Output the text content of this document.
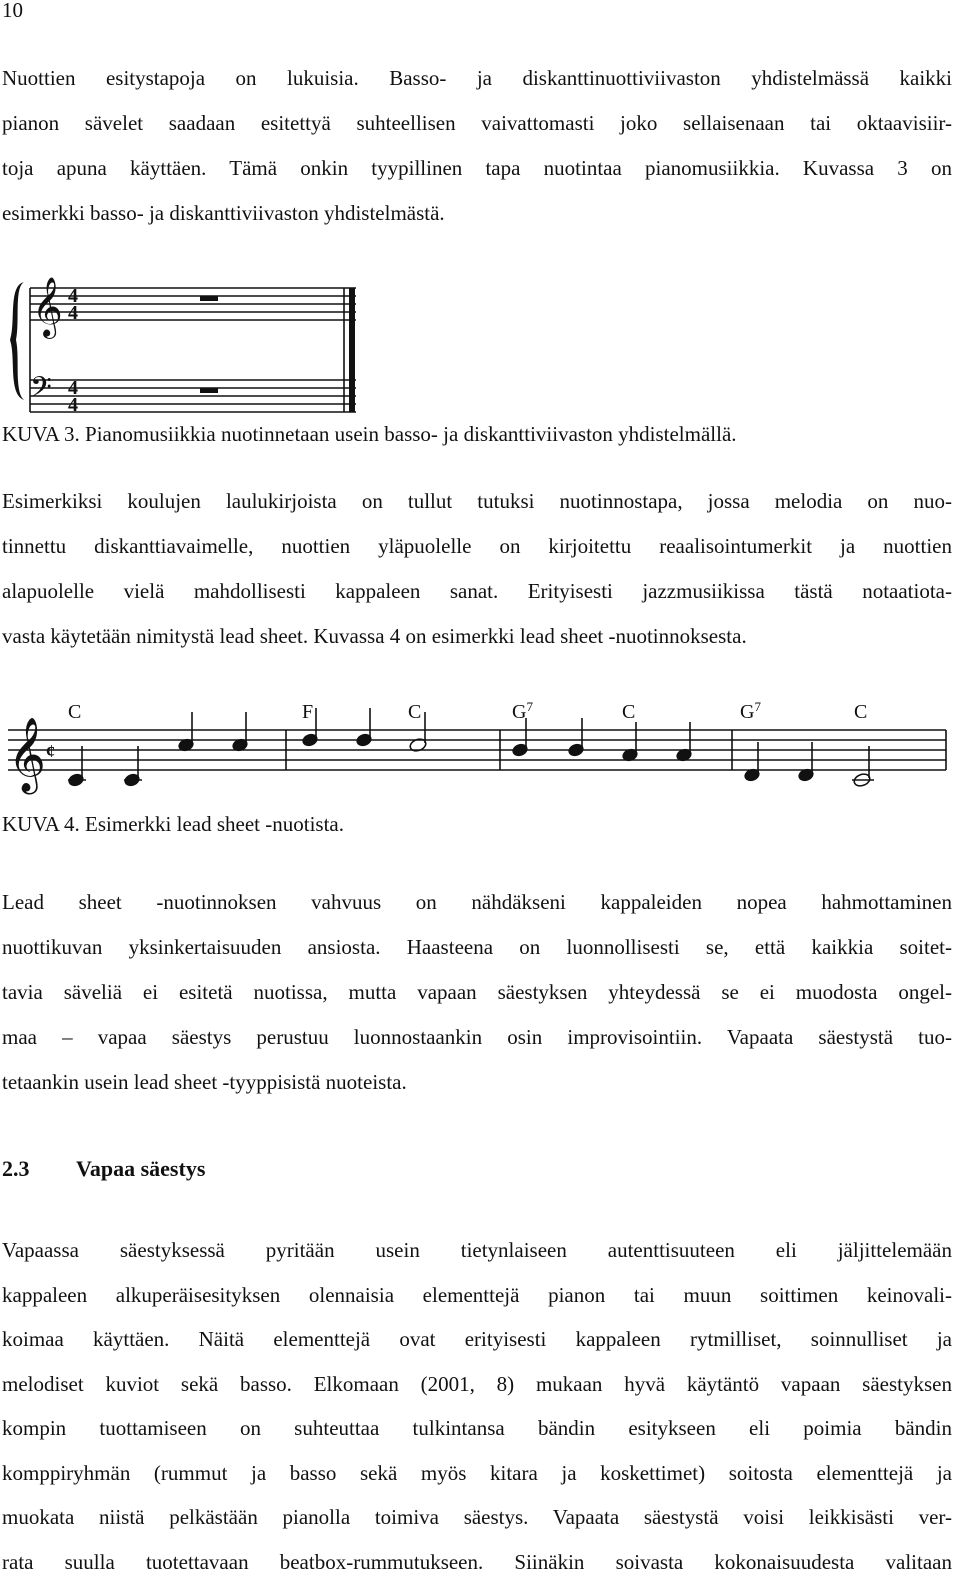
10
Nuottien esitystapoja on lukuisia. Basso- ja diskanttinuottiviivaston yhdistelmässä kaikki
pianon sävelet saadaan esitettyä suhteellisen vaivattomasti joko sellaisenaan tai oktaavisiir-
toja apuna käyttäen. Tämä onkin tyypillinen tapa nuotintaa pianomusiikkia. Kuvassa 3 on
esimerkki basso- ja diskanttiviivaston yhdistelmästä.
𝄞
𝄢
4
4
4
4

KUVA 3. Pianomusiikkia nuotinnetaan usein basso- ja diskanttiviivaston yhdistelmällä.

Esimerkiksi koulujen laulukirjoista on tullut tutuksi nuotinnostapa, jossa melodia on nuo-
tinnettu diskanttiavaimelle, nuottien yläpuolelle on kirjoitettu reaalisointumerkit ja nuottien
alapuolelle vielä mahdollisesti kappaleen sanat. Erityisesti jazzmusiikissa tästä notaatiota-
vasta käytetään nimitystä lead sheet. Kuvassa 4 on esimerkki lead sheet -nuotinnoksesta.
C	F	C	$G^7$	C	$G^7$	C
𝄞 ¢

KUVA 4. Esimerkki lead sheet -nuotista.

Lead sheet -nuotinnoksen vahvuus on nähdäkseni kappaleiden nopea hahmottaminen
nuottikuvan yksinkertaisuuden ansiosta. Haasteena on luonnollisesti se, että kaikkia soitet-
tavia säveliä ei esitetä nuotissa, mutta vapaan säestyksen yhteydessä se ei muodosta ongel-
maa – vapaa säestys perustuu luonnostaankin osin improvisointiin. Vapaata säestystä tuo-
tetaankin usein lead sheet -tyyppisistä nuoteista.
2.3 Vapaa säestys
Vapaassa säestyksessä pyritään usein tietynlaiseen autenttisuuteen eli jäljittelemään
kappaleen alkuperäisesityksen olennaisia elementtejä pianon tai muun soittimen keinovali-
koimaa käyttäen. Näitä elementtejä ovat erityisesti kappaleen rytmilliset, soinnulliset ja
melodiset kuviot sekä basso. Elkomaan (2001, 8) mukaan hyvä käytäntö vapaan säestyksen
kompin tuottamiseen on suhteuttaa tulkintansa bändin esitykseen eli poimia bändin
komppiryhmän (rummut ja basso sekä myös kitara ja koskettimet) soitosta elementtejä ja
muokata niistä pelkästään pianolla toimiva säestys. Vapaata säestystä voisi leikkisästi ver-
rata suulla tuotettavaan beatbox-rummutukseen. Siinäkin soivasta kokonaisuudesta valitaan
